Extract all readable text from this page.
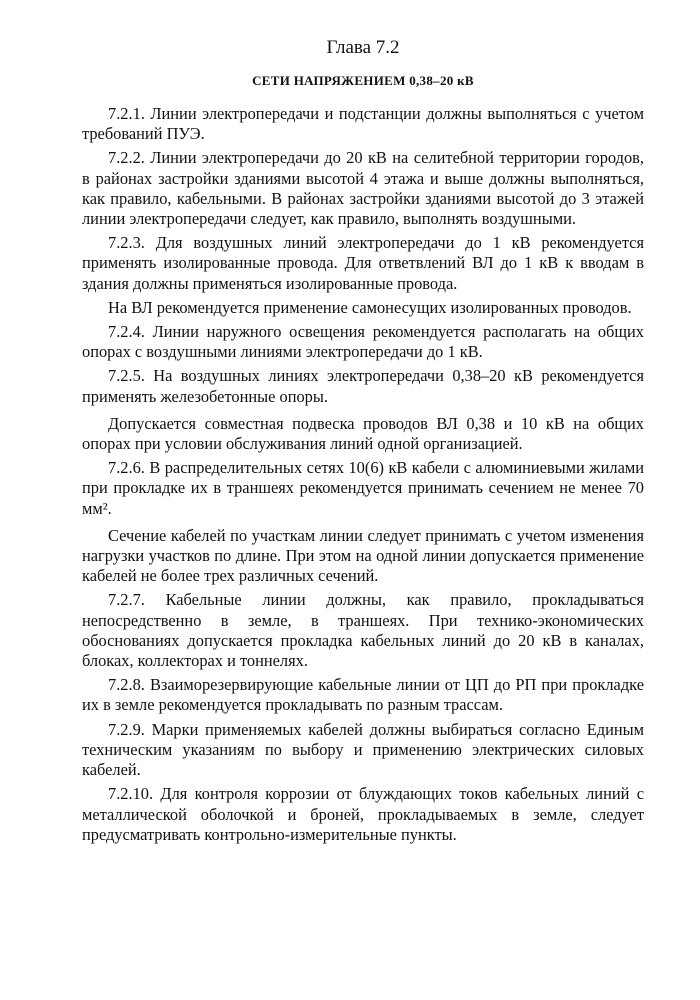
Глава 7.2
СЕТИ НАПРЯЖЕНИЕМ 0,38–20 кВ

7.2.1. Линии электропередачи и подстанции должны выполняться с учетом требований ПУЭ.

7.2.2. Линии электропередачи до 20 кВ на селитебной территории городов, в районах застройки зданиями высотой 4 этажа и выше должны выполняться, как правило, кабельными. В районах застройки зданиями высотой до 3 этажей линии электропередачи следует, как правило, выполнять воздушными.

7.2.3. Для воздушных линий электропередачи до 1 кВ рекомендуется применять изолированные провода. Для ответвлений ВЛ до 1 кВ к вводам в здания должны применяться изолированные провода.

На ВЛ рекомендуется применение самонесущих изолированных проводов.

7.2.4. Линии наружного освещения рекомендуется располагать на общих опорах с воздушными линиями электропередачи до 1 кВ.

7.2.5. На воздушных линиях электропередачи 0,38–20 кВ рекомендуется применять железобетонные опоры.

Допускается совместная подвеска проводов ВЛ 0,38 и 10 кВ на общих опорах при условии обслуживания линий одной организацией.

7.2.6. В распределительных сетях 10(6) кВ кабели с алюминиевыми жилами при прокладке их в траншеях рекомендуется принимать сечением не менее 70 мм².

Сечение кабелей по участкам линии следует принимать с учетом изменения нагрузки участков по длине. При этом на одной линии допускается применение кабелей не более трех различных сечений.

7.2.7. Кабельные линии должны, как правило, прокладываться непосредственно в земле, в траншеях. При технико-экономических обоснованиях допускается прокладка кабельных линий до 20 кВ в каналах, блоках, коллекторах и тоннелях.

7.2.8. Взаиморезервирующие кабельные линии от ЦП до РП при прокладке их в земле рекомендуется прокладывать по разным трассам.

7.2.9. Марки применяемых кабелей должны выбираться согласно Единым техническим указаниям по выбору и применению электрических силовых кабелей.

7.2.10. Для контроля коррозии от блуждающих токов кабельных линий с металлической оболочкой и броней, прокладываемых в земле, следует предусматривать контрольно-измерительные пункты.
